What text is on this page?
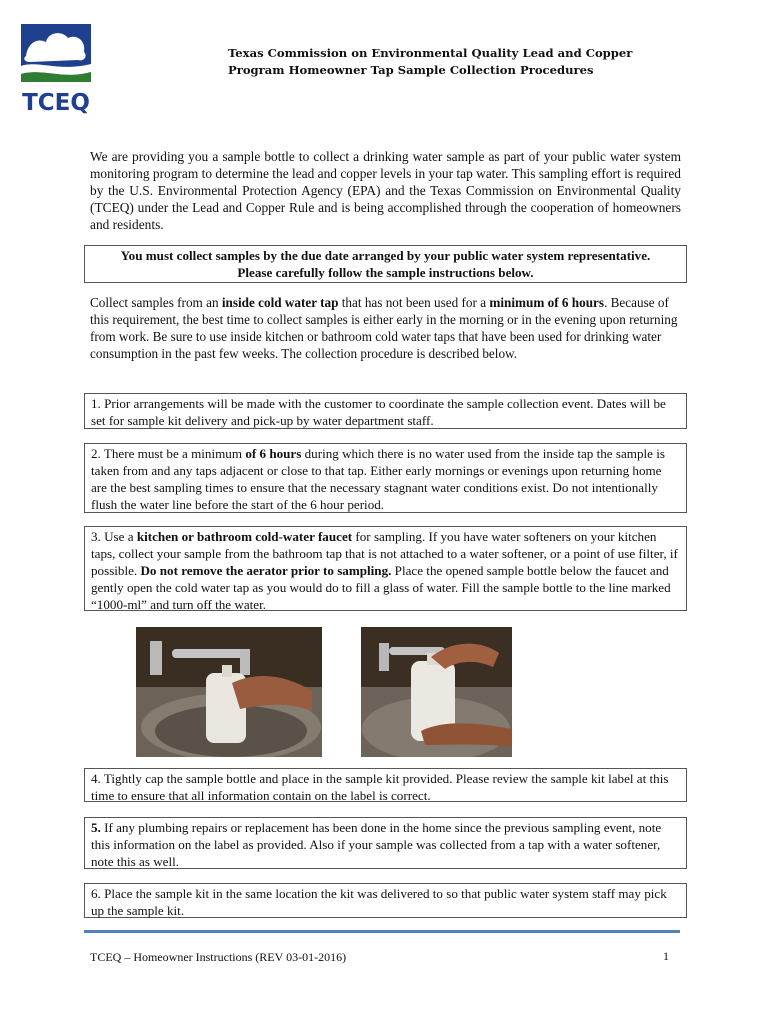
TCEQ
Texas Commission on Environmental Quality Lead and Copper
Program Homeowner Tap Sample Collection Procedures
We are providing you a sample bottle to collect a drinking water sample as part of your public water system monitoring program to determine the lead and copper levels in your tap water. This sampling effort is required by the U.S. Environmental Protection Agency (EPA) and the Texas Commission on Environmental Quality (TCEQ) under the Lead and Copper Rule and is being accomplished through the cooperation of homeowners and residents.
You must collect samples by the due date arranged by your public water system representative.
Please carefully follow the sample instructions below.
Collect samples from an inside cold water tap that has not been used for a minimum of 6 hours. Because of this requirement, the best time to collect samples is either early in the morning or in the evening upon returning from work. Be sure to use inside kitchen or bathroom cold water taps that have been used for drinking water consumption in the past few weeks. The collection procedure is described below.
1. Prior arrangements will be made with the customer to coordinate the sample collection event. Dates will be set for sample kit delivery and pick-up by water department staff.
2. There must be a minimum of 6 hours during which there is no water used from the inside tap the sample is taken from and any taps adjacent or close to that tap. Either early mornings or evenings upon returning home are the best sampling times to ensure that the necessary stagnant water conditions exist. Do not intentionally flush the water line before the start of the 6 hour period.
3. Use a kitchen or bathroom cold-water faucet for sampling. If you have water softeners on your kitchen taps, collect your sample from the bathroom tap that is not attached to a water softener, or a point of use filter, if possible. Do not remove the aerator prior to sampling. Place the opened sample bottle below the faucet and gently open the cold water tap as you would do to fill a glass of water. Fill the sample bottle to the line marked “1000-ml” and turn off the water.
4. Tightly cap the sample bottle and place in the sample kit provided. Please review the sample kit label at this time to ensure that all information contain on the label is correct.
5. If any plumbing repairs or replacement has been done in the home since the previous sampling event, note this information on the label as provided. Also if your sample was collected from a tap with a water softener, note this as well.
6. Place the sample kit in the same location the kit was delivered to so that public water system staff may pick up the sample kit.
TCEQ – Homeowner Instructions (REV 03-01-2016)	1
